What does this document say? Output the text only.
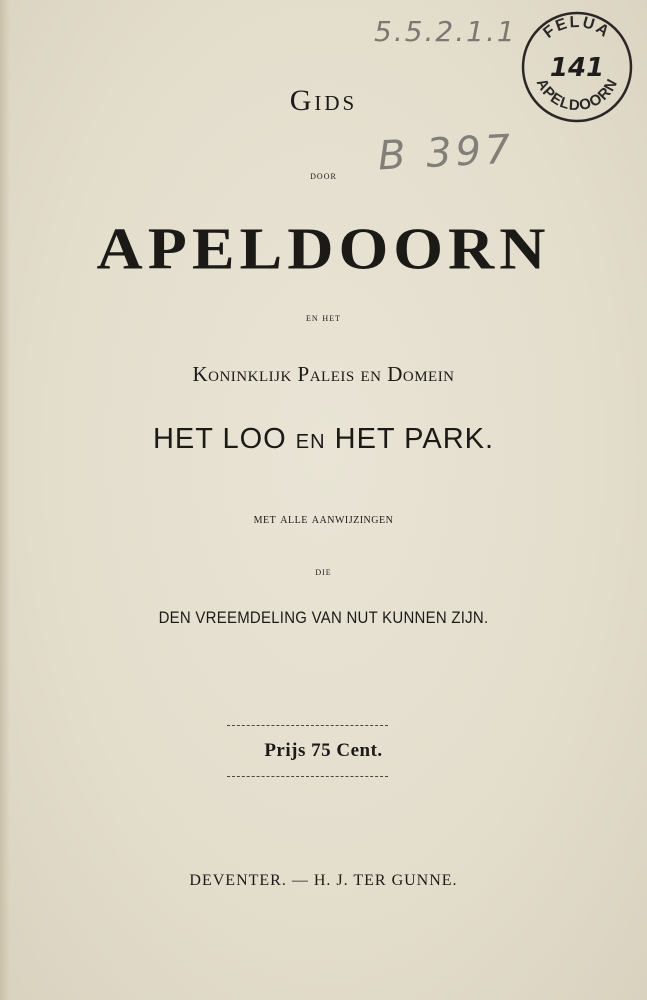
5.5.2.1.1
B 397
FELUA
141
APELDOORN
Gids
door
APELDOORN
en het
Koninklijk Paleis en Domein
HET LOO en HET PARK.
met alle aanwijzingen
die
DEN VREEMDELING VAN NUT KUNNEN ZIJN.
Prijs 75 Cent.
DEVENTER. — H. J. TER GUNNE.
